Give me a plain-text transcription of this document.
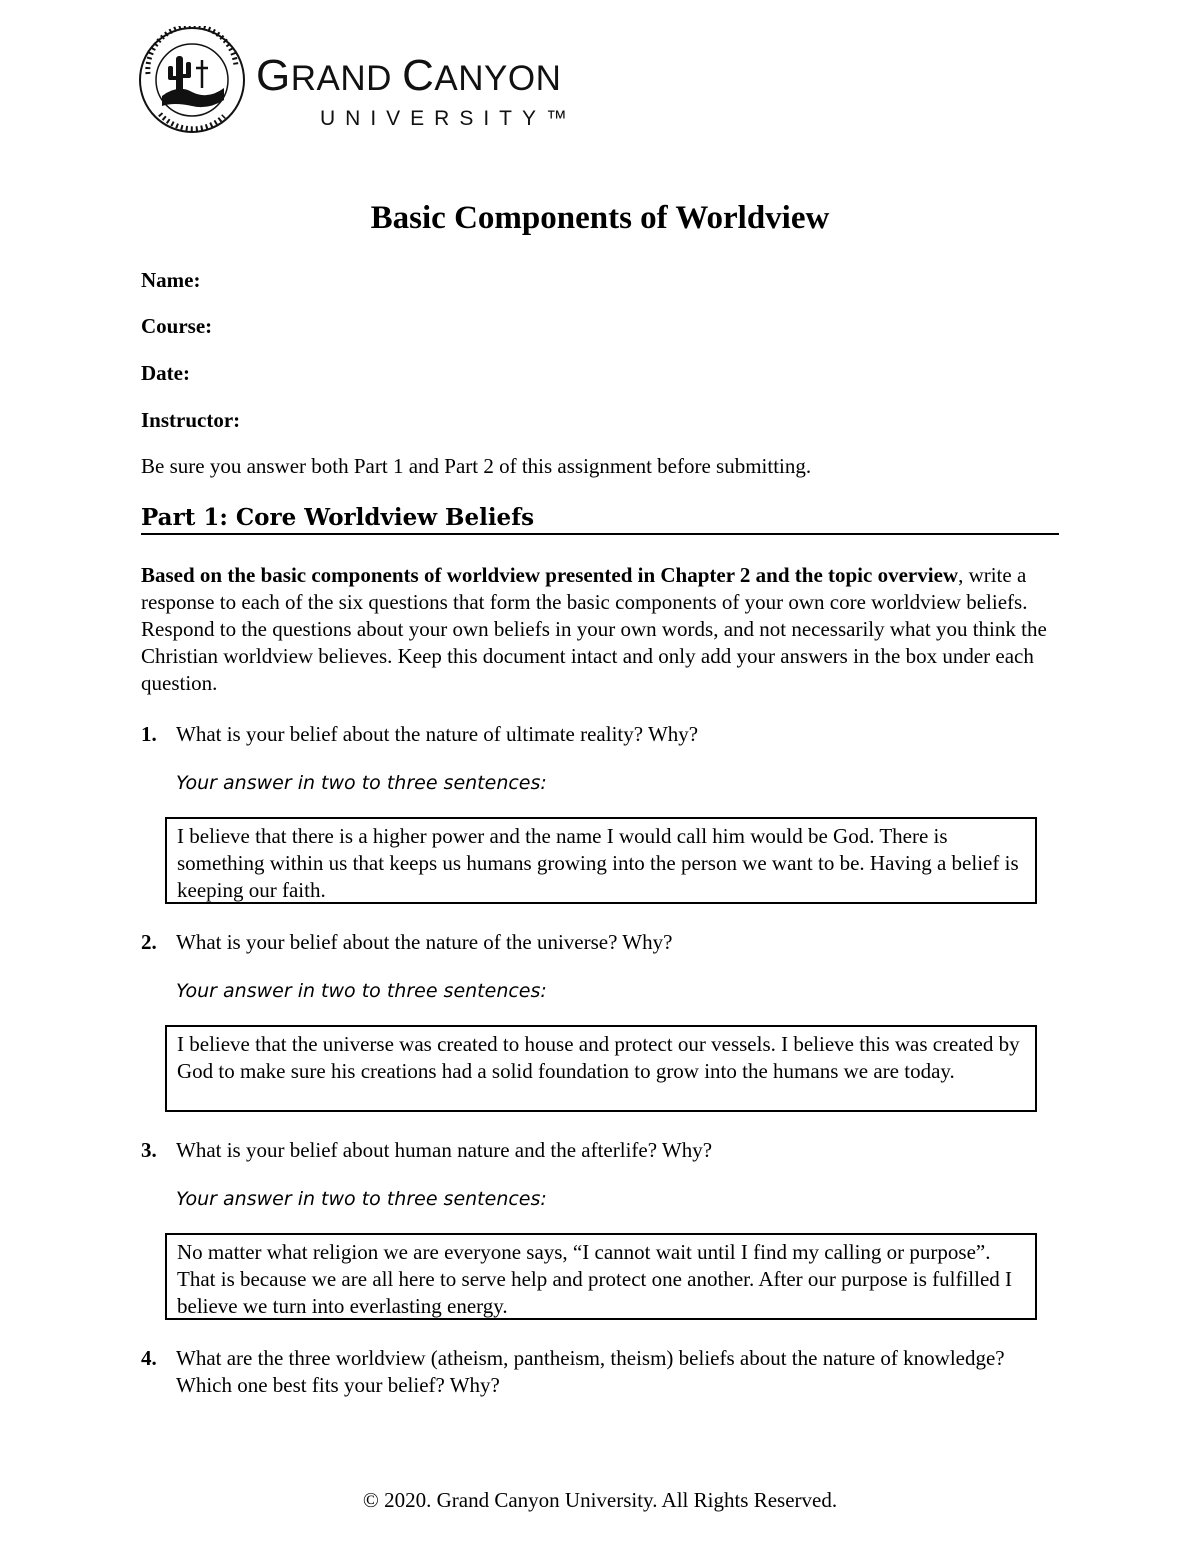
GRAND CANYON
UNIVERSITY™
Basic Components of Worldview
Name:
Course:
Date:
Instructor:
Be sure you answer both Part 1 and Part 2 of this assignment before submitting.
Part 1: Core Worldview Beliefs
Based on the basic components of worldview presented in Chapter 2 and the topic overview, write a response to each of the six questions that form the basic components of your own core worldview beliefs. Respond to the questions about your own beliefs in your own words, and not necessarily what you think the Christian worldview believes. Keep this document intact and only add your answers in the box under each question.
1. What is your belief about the nature of ultimate reality? Why?
Your answer in two to three sentences:
I believe that there is a higher power and the name I would call him would be God. There is something within us that keeps us humans growing into the person we want to be. Having a belief is keeping our faith.
2. What is your belief about the nature of the universe? Why?
Your answer in two to three sentences:
I believe that the universe was created to house and protect our vessels. I believe this was created by God to make sure his creations had a solid foundation to grow into the humans we are today.
3. What is your belief about human nature and the afterlife? Why?
Your answer in two to three sentences:
No matter what religion we are everyone says, “I cannot wait until I find my calling or purpose”. That is because we are all here to serve help and protect one another. After our purpose is fulfilled I believe we turn into everlasting energy.
4. What are the three worldview (atheism, pantheism, theism) beliefs about the nature of knowledge? Which one best fits your belief? Why?
© 2020. Grand Canyon University. All Rights Reserved.
